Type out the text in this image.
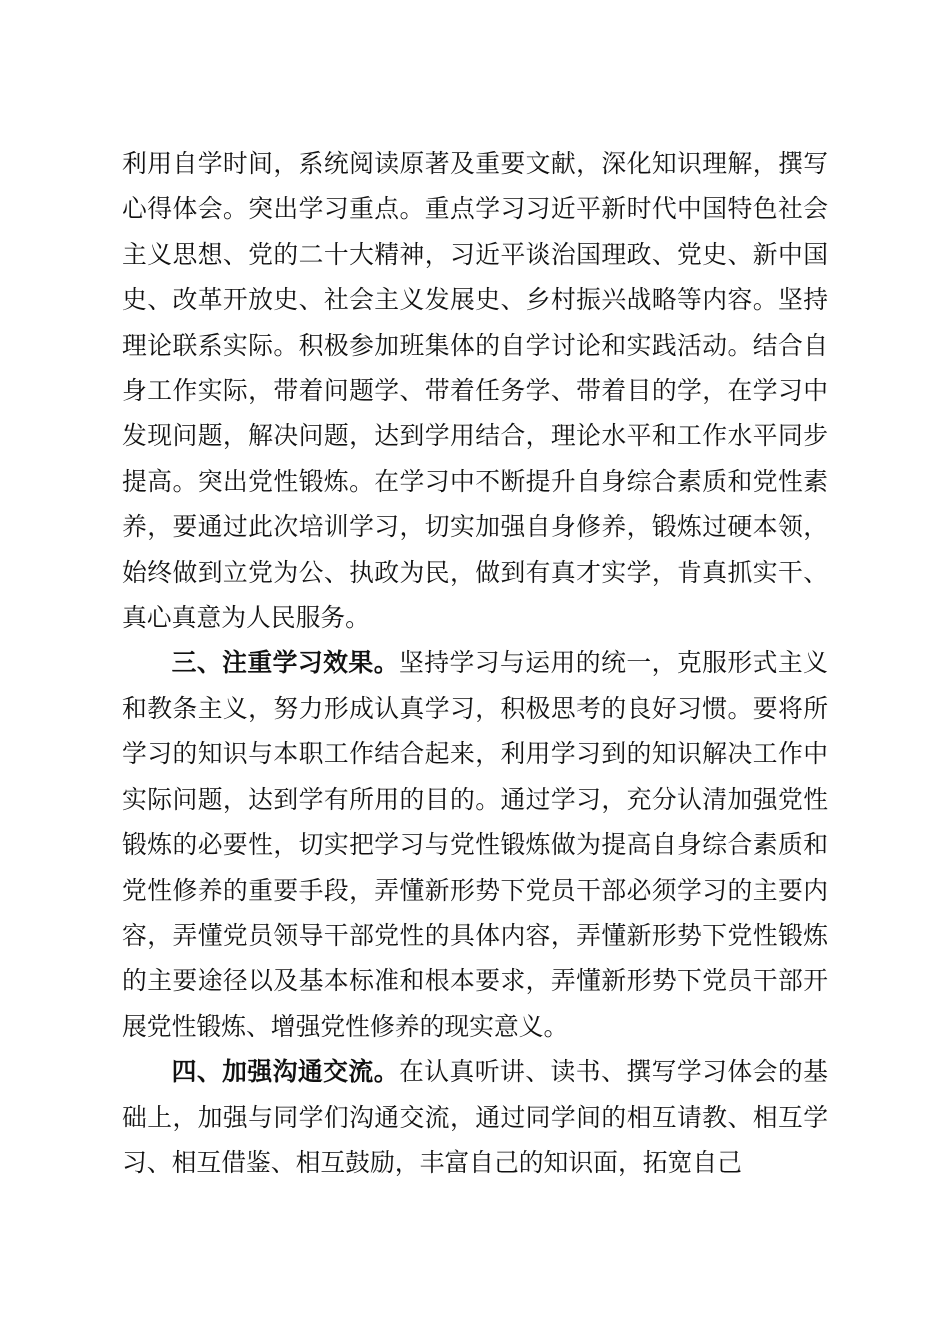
利用自学时间，系统阅读原著及重要文献，深化知识理解，撰写心得体会。突出学习重点。重点学习习近平新时代中国特色社会主义思想、党的二十大精神，习近平谈治国理政、党史、新中国史、改革开放史、社会主义发展史、乡村振兴战略等内容。坚持理论联系实际。积极参加班集体的自学讨论和实践活动。结合自身工作实际，带着问题学、带着任务学、带着目的学，在学习中发现问题，解决问题，达到学用结合，理论水平和工作水平同步提高。突出党性锻炼。在学习中不断提升自身综合素质和党性素养，要通过此次培训学习，切实加强自身修养，锻炼过硬本领，始终做到立党为公、执政为民，做到有真才实学，肯真抓实干、真心真意为人民服务。

三、注重学习效果。坚持学习与运用的统一，克服形式主义和教条主义，努力形成认真学习，积极思考的良好习惯。要将所学习的知识与本职工作结合起来，利用学习到的知识解决工作中实际问题，达到学有所用的目的。通过学习，充分认清加强党性锻炼的必要性，切实把学习与党性锻炼做为提高自身综合素质和党性修养的重要手段，弄懂新形势下党员干部必须学习的主要内容，弄懂党员领导干部党性的具体内容，弄懂新形势下党性锻炼的主要途径以及基本标准和根本要求，弄懂新形势下党员干部开展党性锻炼、增强党性修养的现实意义。

四、加强沟通交流。在认真听讲、读书、撰写学习体会的基础上，加强与同学们沟通交流，通过同学间的相互请教、相互学习、相互借鉴、相互鼓励，丰富自己的知识面，拓宽自己
